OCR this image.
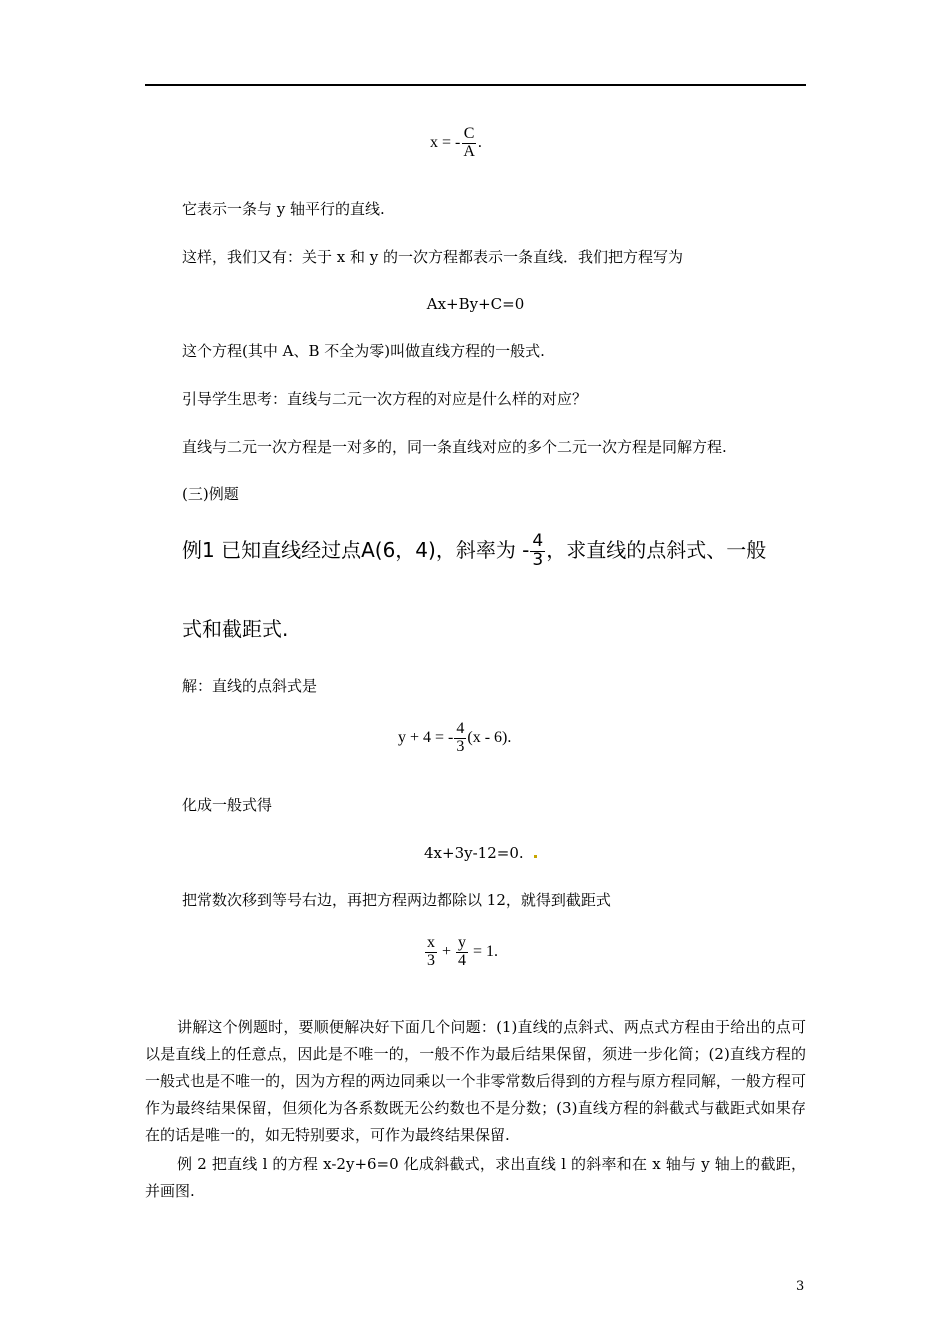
x = - $\frac{C}{A}$ .
它表示一条与 y 轴平行的直线.
这样，我们又有：关于 x 和 y 的一次方程都表示一条直线．我们把方程写为
Ax+By+C=0
这个方程(其中 A、B 不全为零)叫做直线方程的一般式.
引导学生思考：直线与二元一次方程的对应是什么样的对应？
直线与二元一次方程是一对多的，同一条直线对应的多个二元一次方程是同解方程.
(三)例题
例1 已知直线经过点A(6，4)，斜率为 - $\frac{4}{3}$ ，求直线的点斜式、一般
式和截距式.
解：直线的点斜式是
y + 4 = - $\frac{4}{3} (x - 6)$.
化成一般式得
4x+3y-12=0.
把常数次移到等号右边，再把方程两边都除以 12，就得到截距式
$\frac{x}{3} + \frac{y}{4} = 1$.

讲解这个例题时，要顺便解决好下面几个问题：(1)直线的点斜式、两点式方程由于给出的点可以是直线上的任意点，因此是不唯一的，一般不作为最后结果保留，须进一步化简；(2)直线方程的一般式也是不唯一的，因为方程的两边同乘以一个非零常数后得到的方程与原方程同解，一般方程可作为最终结果保留，但须化为各系数既无公约数也不是分数；(3)直线方程的斜截式与截距式如果存在的话是唯一的，如无特别要求，可作为最终结果保留.

例 2 把直线 l 的方程 x-2y+6=0 化成斜截式，求出直线 l 的斜率和在 x 轴与 y 轴上的截距，并画图.

3
